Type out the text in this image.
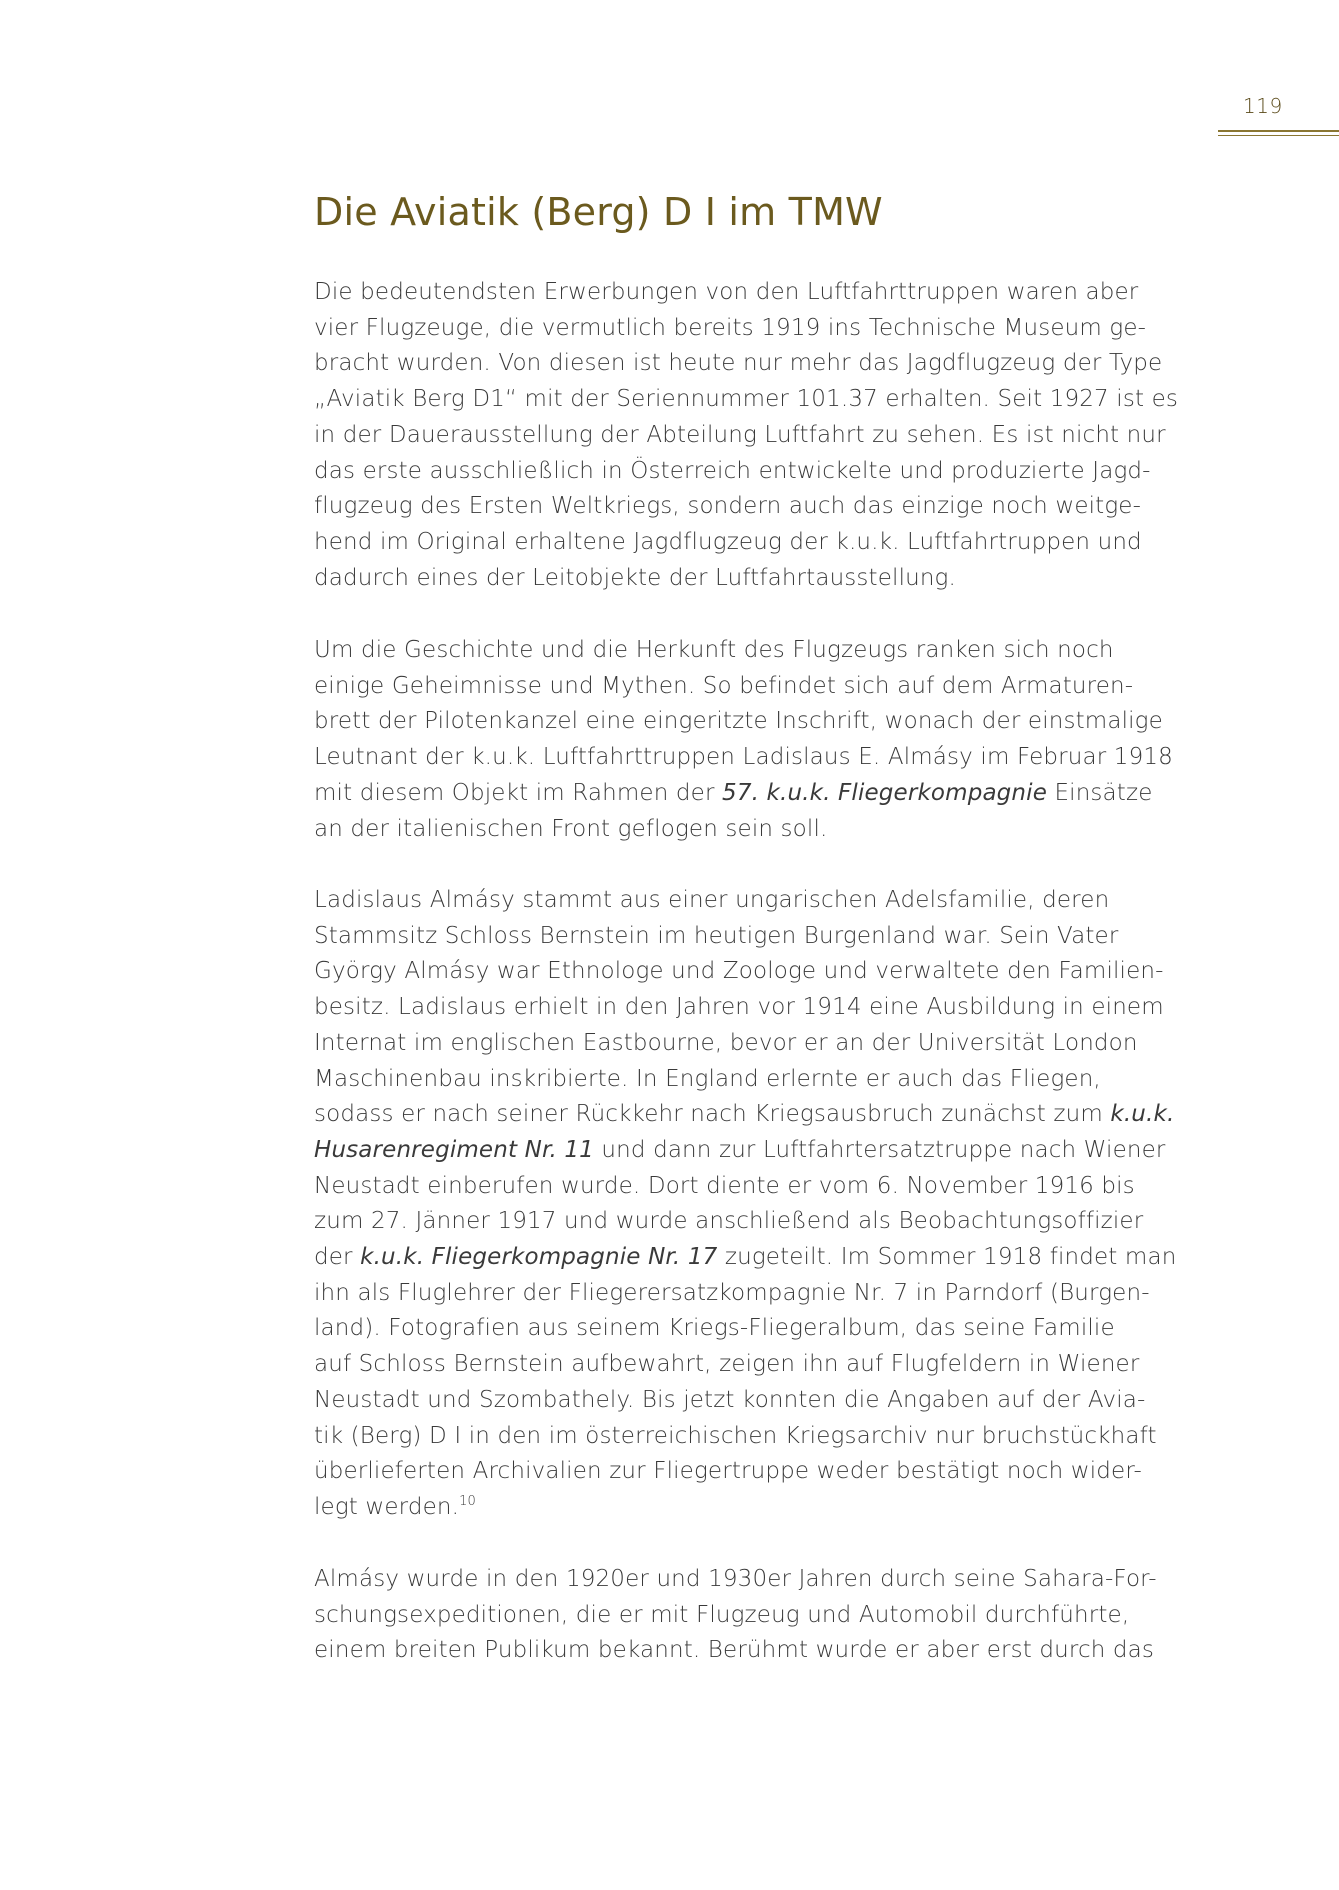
119
Die Aviatik (Berg) D I im TMW
Die bedeutendsten Erwerbungen von den Luftfahrttruppen waren aber
vier Flugzeuge, die vermutlich bereits 1919 ins Technische Museum ge-
bracht wurden. Von diesen ist heute nur mehr das Jagdflugzeug der Type
„Aviatik Berg D1“ mit der Seriennummer 101.37 erhalten. Seit 1927 ist es
in der Dauerausstellung der Abteilung Luftfahrt zu sehen. Es ist nicht nur
das erste ausschließlich in Österreich entwickelte und produzierte Jagd-
flugzeug des Ersten Weltkriegs, sondern auch das einzige noch weitge-
hend im Original erhaltene Jagdflugzeug der k.u.k. Luftfahrtruppen und
dadurch eines der Leitobjekte der Luftfahrtausstellung.
Um die Geschichte und die Herkunft des Flugzeugs ranken sich noch
einige Geheimnisse und Mythen. So befindet sich auf dem Armaturen-
brett der Pilotenkanzel eine eingeritzte Inschrift, wonach der einstmalige
Leutnant der k.u.k. Luftfahrttruppen Ladislaus E. Almásy im Februar 1918
mit diesem Objekt im Rahmen der 57. k.u.k. Fliegerkompagnie Einsätze
an der italienischen Front geflogen sein soll.
Ladislaus Almásy stammt aus einer ungarischen Adelsfamilie, deren
Stammsitz Schloss Bernstein im heutigen Burgenland war. Sein Vater
György Almásy war Ethnologe und Zoologe und verwaltete den Familien-
besitz. Ladislaus erhielt in den Jahren vor 1914 eine Ausbildung in einem
Internat im englischen Eastbourne, bevor er an der Universität London
Maschinenbau inskribierte. In England erlernte er auch das Fliegen,
sodass er nach seiner Rückkehr nach Kriegsausbruch zunächst zum k.u.k.
Husarenregiment Nr. 11 und dann zur Luftfahrtersatztruppe nach Wiener
Neustadt einberufen wurde. Dort diente er vom 6. November 1916 bis
zum 27. Jänner 1917 und wurde anschließend als Beobachtungsoffizier
der k.u.k. Fliegerkompagnie Nr. 17 zugeteilt. Im Sommer 1918 findet man
ihn als Fluglehrer der Fliegerersatzkompagnie Nr. 7 in Parndorf (Burgen-
land). Fotografien aus seinem Kriegs-Fliegeralbum, das seine Familie
auf Schloss Bernstein aufbewahrt, zeigen ihn auf Flugfeldern in Wiener
Neustadt und Szombathely. Bis jetzt konnten die Angaben auf der Avia-
tik (Berg) D I in den im österreichischen Kriegsarchiv nur bruchstückhaft
überlieferten Archivalien zur Fliegertruppe weder bestätigt noch wider-
legt werden.$^{10}$
Almásy wurde in den 1920er und 1930er Jahren durch seine Sahara-For-
schungsexpeditionen, die er mit Flugzeug und Automobil durchführte,
einem breiten Publikum bekannt. Berühmt wurde er aber erst durch das
